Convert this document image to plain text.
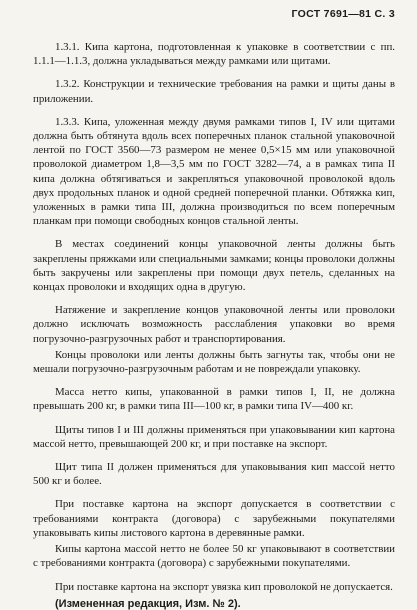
ГОСТ 7691—81 С. 3

1.3.1. Кипа картона, подготовленная к упаковке в соответствии с пп. 1.1.1—1.1.3, должна укладываться между рамками или щитами.

1.3.2. Конструкции и технические требования на рамки и щиты даны в приложении.

1.3.3. Кипа, уложенная между двумя рамками типов I, IV или щитами должна быть обтянута вдоль всех поперечных планок стальной упаковочной лентой по ГОСТ 3560—73 размером не менее 0,5×15 мм или упаковочной проволокой диаметром 1,8—3,5 мм по ГОСТ 3282—74, а в рамках типа II кипа должна обтягиваться и закрепляться упаковочной проволокой вдоль двух продольных планок и одной средней поперечной планки. Обтяжка кип, уложенных в рамки типа III, должна производиться по всем поперечным планкам при помощи свободных концов стальной ленты.

В местах соединений концы упаковочной ленты должны быть закреплены пряжками или специальными замками; концы проволоки должны быть закручены или закреплены при помощи двух петель, сделанных на концах проволоки и входящих одна в другую.

Натяжение и закрепление концов упаковочной ленты или проволоки должно исключать возможность расслабления упаковки во время погрузочно-разгрузочных работ и транспортирования.

Концы проволоки или ленты должны быть загнуты так, чтобы они не мешали погрузочно-разгрузочным работам и не повреждали упаковку.

Масса нетто кипы, упакованной в рамки типов I, II, не должна превышать 200 кг, в рамки типа III—100 кг, в рамки типа IV—400 кг.

Щиты типов I и III должны применяться при упаковывании кип картона массой нетто, превышающей 200 кг, и при поставке на экспорт.

Щит типа II должен применяться для упаковывания кип массой нетто 500 кг и более.

При поставке картона на экспорт допускается в соответствии с требованиями контракта (договора) с зарубежными покупателями упаковывать кипы листового картона в деревянные рамки.

Кипы картона массой нетто не более 50 кг упаковывают в соответствии с требованиями контракта (договора) с зарубежными покупателями.

При поставке картона на экспорт увязка кип проволокой не допускается.

(Измененная редакция, Изм. № 2).
